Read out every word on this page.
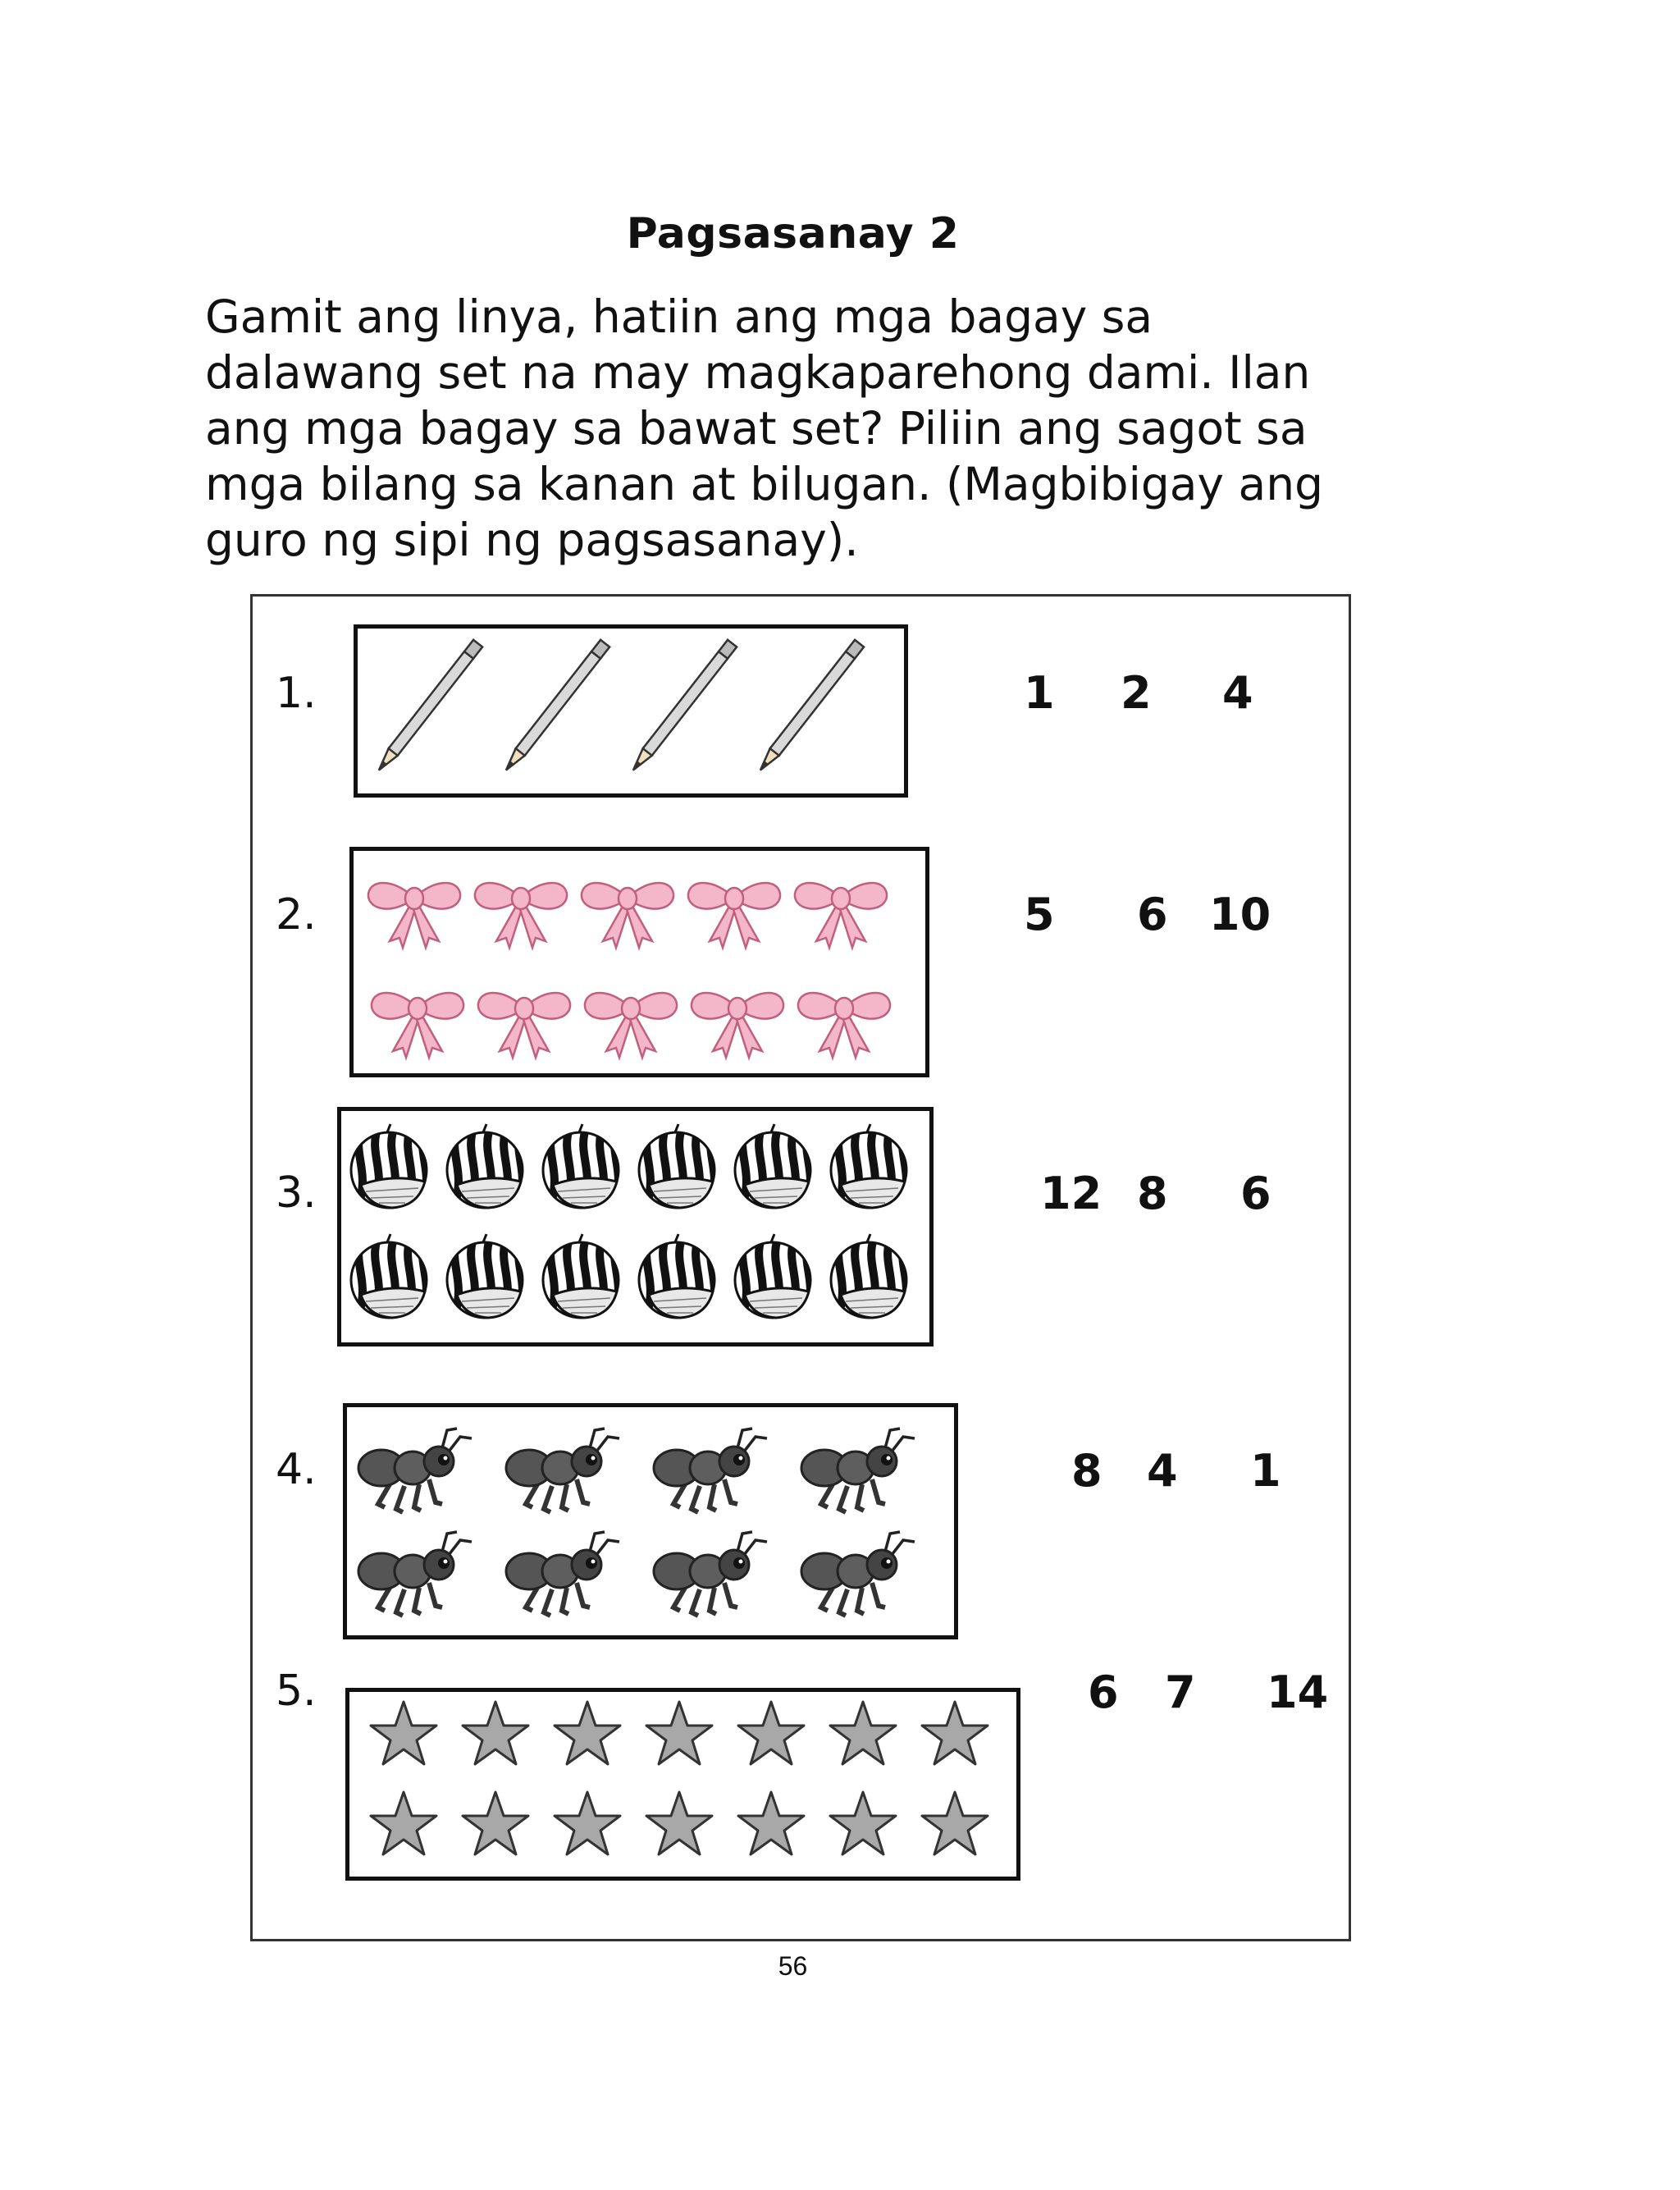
Pagsasanay 2

Gamit ang linya, hatiin ang mga bagay sa

dalawang set na may magkaparehong dami. Ilan

ang mga bagay sa bawat set? Piliin ang sagot sa

mga bilang sa kanan at bilugan. (Magbibigay ang

guro ng sipi ng pagsasanay).

1.	1 2 4
2.	5 6 10
3.	12 8 6
4.	8 4 1
5.	6 7 14
56
